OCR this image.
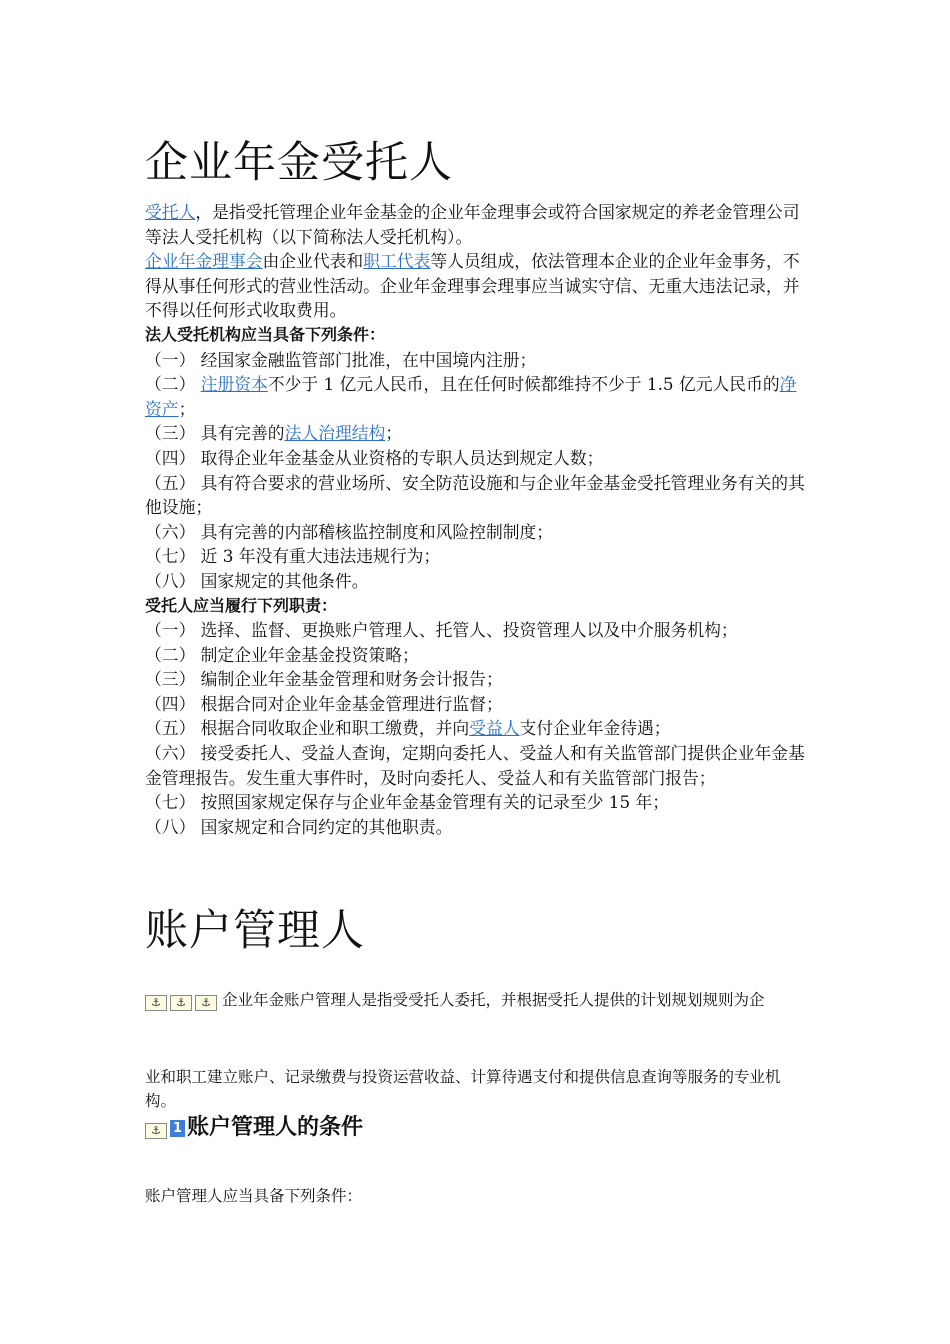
企业年金受托人

受托人，是指受托管理企业年金基金的企业年金理事会或符合国家规定的养老金管理公司等法人受托机构（以下简称法人受托机构）。

企业年金理事会由企业代表和职工代表等人员组成，依法管理本企业的企业年金事务，不得从事任何形式的营业性活动。企业年金理事会理事应当诚实守信、无重大违法记录，并不得以任何形式收取费用。

法人受托机构应当具备下列条件：

（一） 经国家金融监管部门批准，在中国境内注册；

（二） 注册资本不少于 1 亿元人民币，且在任何时候都维持不少于 1.5 亿元人民币的净资产；

（三） 具有完善的法人治理结构；

（四） 取得企业年金基金从业资格的专职人员达到规定人数；

（五） 具有符合要求的营业场所、安全防范设施和与企业年金基金受托管理业务有关的其他设施；

（六） 具有完善的内部稽核监控制度和风险控制制度；

（七） 近 3 年没有重大违法违规行为；

（八） 国家规定的其他条件。

受托人应当履行下列职责：

（一） 选择、监督、更换账户管理人、托管人、投资管理人以及中介服务机构；

（二） 制定企业年金基金投资策略；

（三） 编制企业年金基金管理和财务会计报告；

（四） 根据合同对企业年金基金管理进行监督；

（五） 根据合同收取企业和职工缴费，并向受益人支付企业年金待遇；

（六） 接受委托人、受益人查询，定期向委托人、受益人和有关监管部门提供企业年金基金管理报告。发生重大事件时，及时向委托人、受益人和有关监管部门报告；

（七） 按照国家规定保存与企业年金基金管理有关的记录至少 15 年；

（八） 国家规定和合同约定的其他职责。

账户管理人
⚓ ⚓ ⚓ 企业年金账户管理人是指受受托人委托，并根据受托人提供的计划规划规则为企

业和职工建立账户、记录缴费与投资运营收益、计算待遇支付和提供信息查询等服务的专业机构。

⚓ 1 账户管理人的条件

账户管理人应当具备下列条件：
